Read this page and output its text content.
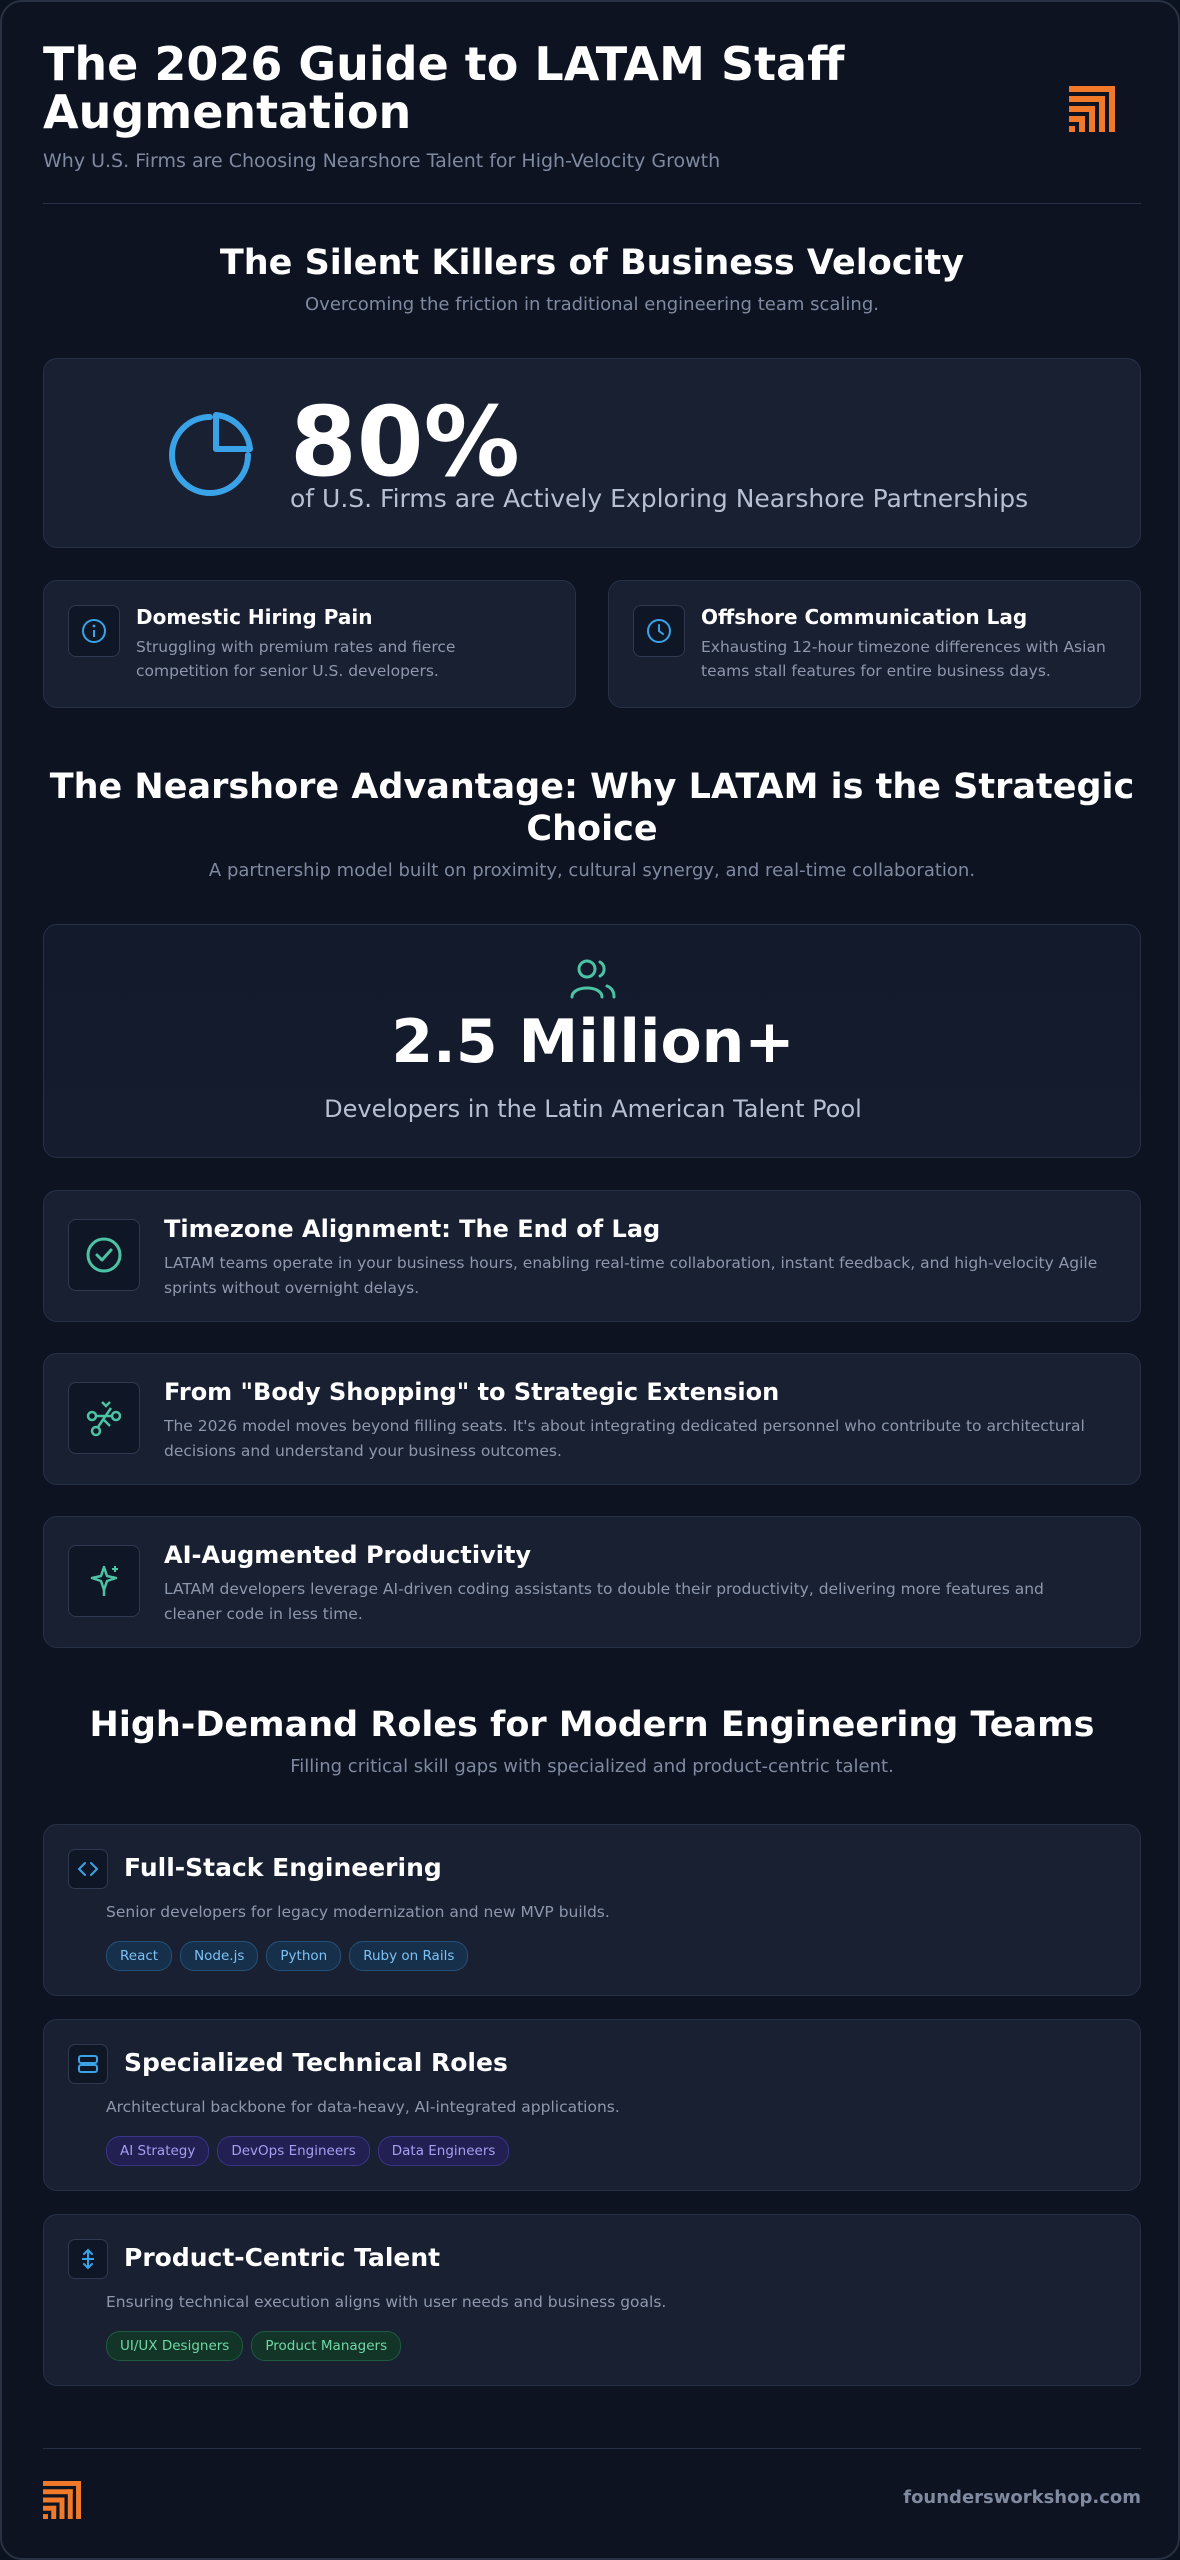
The 2026 Guide to LATAM Staff Augmentation
Why U.S. Firms are Choosing Nearshore Talent for High-Velocity Growth
The Silent Killers of Business Velocity

Overcoming the friction in traditional engineering team scaling.

80%
of U.S. Firms are Actively Exploring Nearshore Partnerships
Domestic Hiring Pain
Struggling with premium rates and fierce competition for senior U.S. developers.
Offshore Communication Lag
Exhausting 12-hour timezone differences with Asian teams stall features for entire business days.
The Nearshore Advantage: Why LATAM is the Strategic Choice

A partnership model built on proximity, cultural synergy, and real-time collaboration.

2.5 Million+
Developers in the Latin American Talent Pool
Timezone Alignment: The End of Lag
LATAM teams operate in your business hours, enabling real-time collaboration, instant feedback, and high-velocity Agile sprints without overnight delays.
From "Body Shopping" to Strategic Extension
The 2026 model moves beyond filling seats. It's about integrating dedicated personnel who contribute to architectural decisions and understand your business outcomes.
AI-Augmented Productivity
LATAM developers leverage AI-driven coding assistants to double their productivity, delivering more features and cleaner code in less time.
High-Demand Roles for Modern Engineering Teams

Filling critical skill gaps with specialized and product-centric talent.

Full-Stack Engineering
Senior developers for legacy modernization and new MVP builds.
React	Node.js	Python	Ruby on Rails
Specialized Technical Roles
Architectural backbone for data-heavy, AI-integrated applications.
AI Strategy	DevOps Engineers	Data Engineers
Product-Centric Talent
Ensuring technical execution aligns with user needs and business goals.
UI/UX Designers	Product Managers
foundersworkshop.com
